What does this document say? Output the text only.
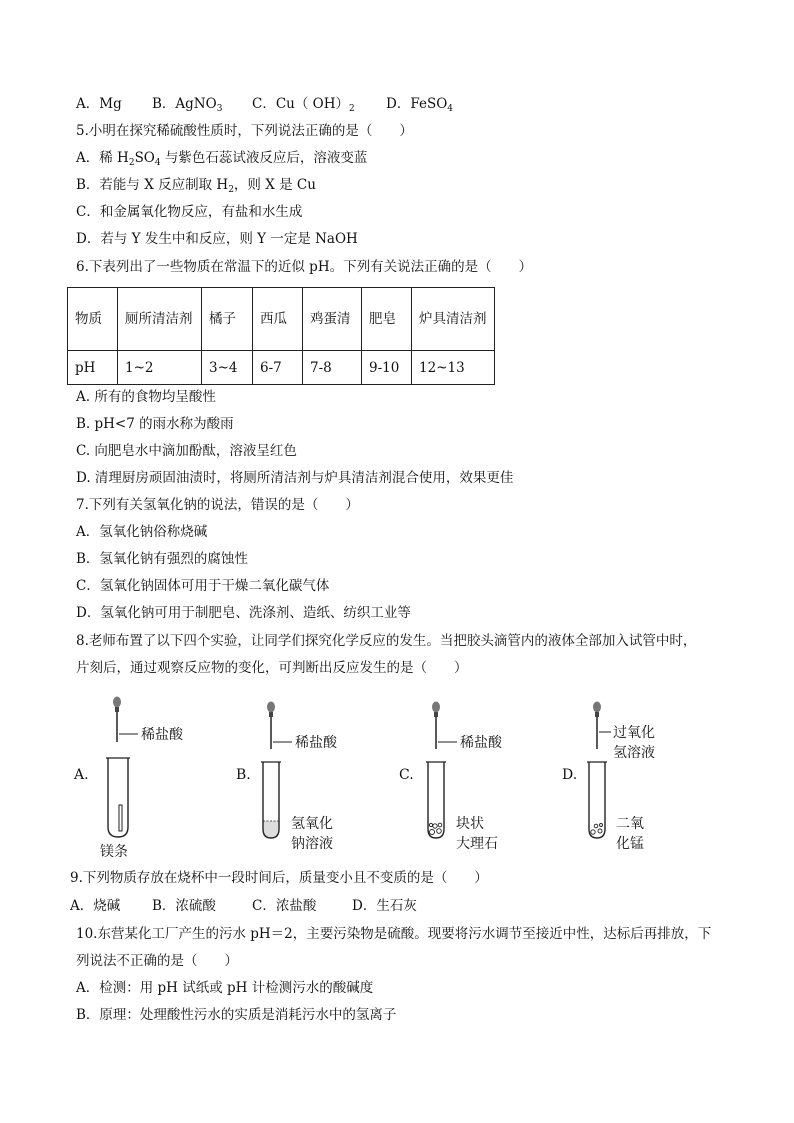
A．Mg B．AgNO$_3$ C．Cu（ $OH)_2$ D．FeSO$_4$
5.小明在探究稀硫酸性质时，下列说法正确的是（　　）
A．稀 $H_2SO_4$ 与紫色石蕊试液反应后，溶液变蓝
B．若能与 X 反应制取 $H_2$，则 X 是 Cu
C．和金属氧化物反应，有盐和水生成
D．若与 Y 发生中和反应，则 Y 一定是 NaOH
6.下表列出了一些物质在常温下的近似 pH。下列有关说法正确的是（　　）
物质	厕所清洁剂	橘子	西瓜	鸡蛋清	肥皂	炉具清洁剂
pH	1~2	3~4	6-7	7-8	9-10	12~13
A. 所有的食物均呈酸性
B. pH<7 的雨水称为酸雨
C. 向肥皂水中滴加酚酞，溶液呈红色
D. 清理厨房顽固油渍时，将厕所清洁剂与炉具清洁剂混合使用，效果更佳
7.下列有关氢氧化钠的说法，错误的是（　　）
A．氢氧化钠俗称烧碱
B．氢氧化钠有强烈的腐蚀性
C．氢氧化钠固体可用于干燥二氧化碳气体
D．氢氧化钠可用于制肥皂、洗涤剂、造纸、纺织工业等
8.老师布置了以下四个实验，让同学们探究化学反应的发生。当把胶头滴管内的液体全部加入试管中时，
片刻后，通过观察反应物的变化，可判断出反应发生的是（　　）
稀盐酸
A.
镁条
稀盐酸
B.
氢氧化
钠溶液
稀盐酸
C.
块状
大理石
过氧化
氢溶液
D.
二氧
化锰
9.下列物质存放在烧杯中一段时间后，质量变小且不变质的是（　　）
A．烧碱 B．浓硫酸	C．浓盐酸	D．生石灰
10.东营某化工厂产生的污水 pH＝2，主要污染物是硫酸。现要将污水调节至接近中性，达标后再排放，下
列说法不正确的是（　　）
A．检测：用 pH 试纸或 pH 计检测污水的酸碱度
B．原理：处理酸性污水的实质是消耗污水中的氢离子
